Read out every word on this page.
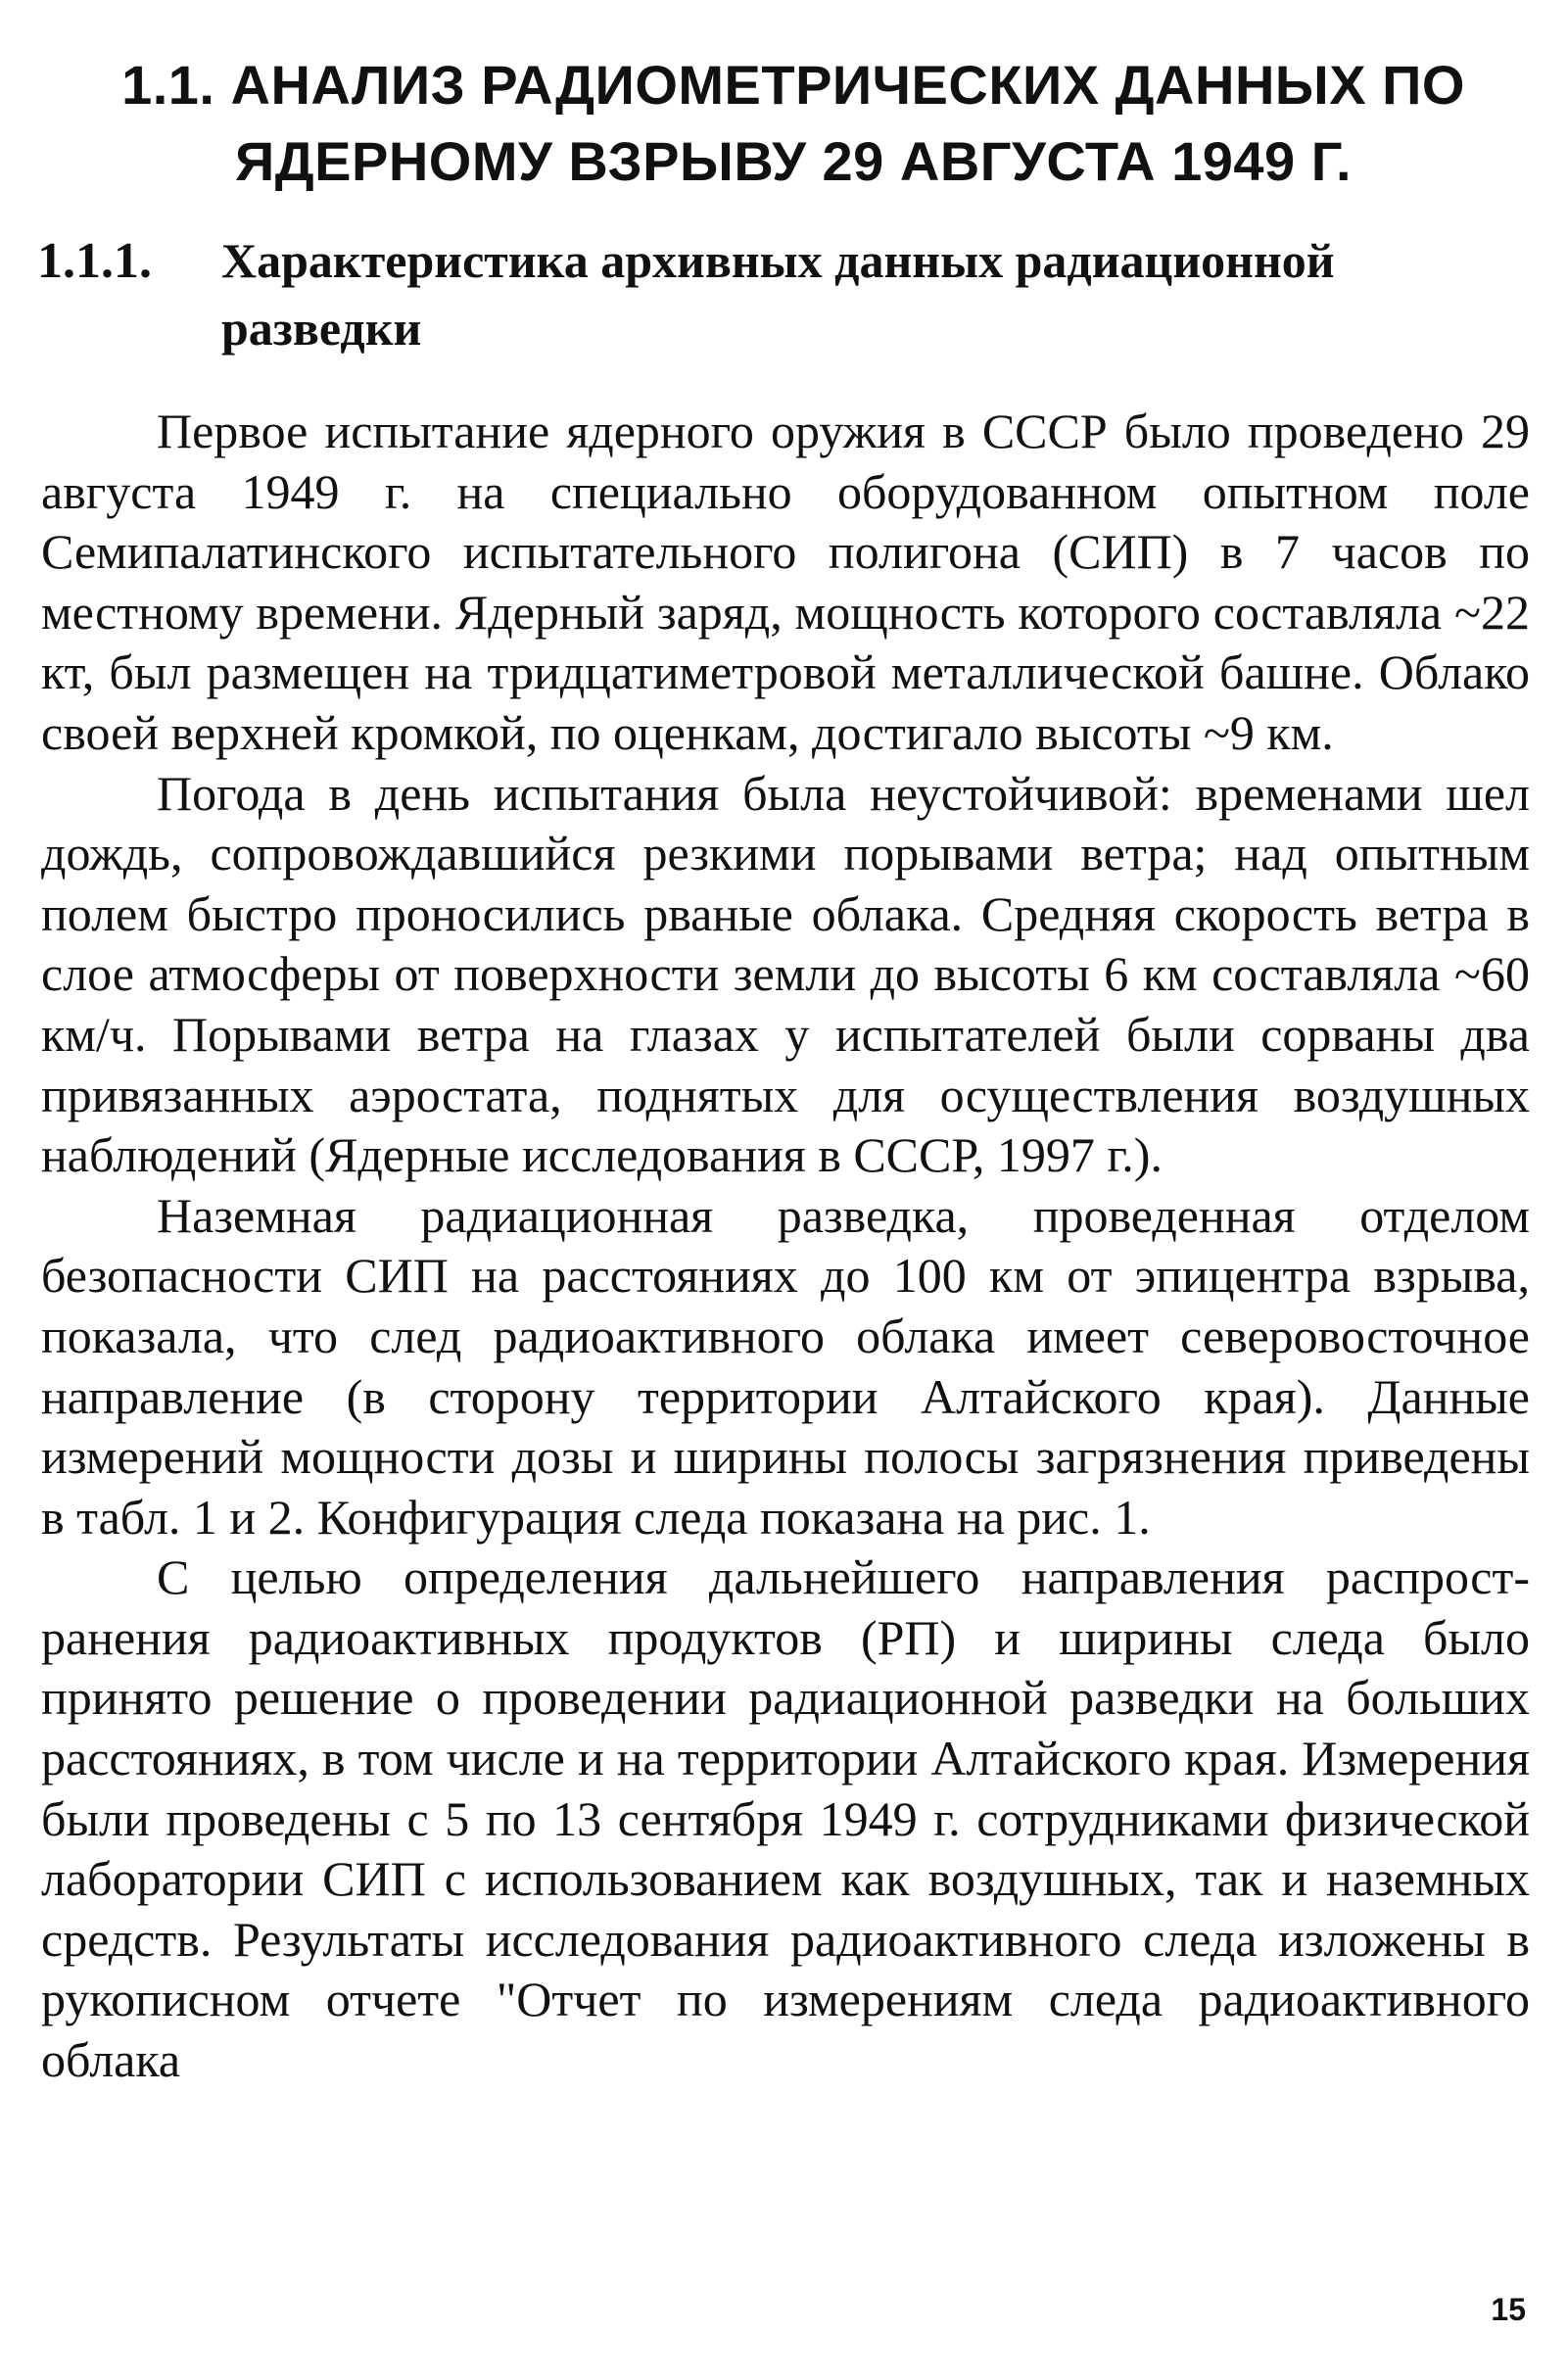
1.1. АНАЛИЗ РАДИОМЕТРИЧЕСКИХ ДАННЫХ ПО ЯДЕРНОМУ ВЗРЫВУ 29 АВГУСТА 1949 Г.
1.1.1. Характеристика архивных данных радиационной
разведки

Первое испытание ядерного оружия в СССР было проведено 29 августа 1949 г. на специально оборудованном опытном поле Семипалатинского испытательного полигона (СИП) в 7 часов по местному времени. Ядерный заряд, мощность которого составляла ~22 кт, был размещен на тридцатиметровой металлической башне. Облако своей верхней кромкой, по оценкам, достигало высоты ~9 км.

Погода в день испытания была неустойчивой: временами шел дождь, сопровождавшийся резкими порывами ветра; над опытным полем быстро проносились рваные облака. Средняя скорость ветра в слое атмосферы от поверхности земли до высоты 6 км составляла ~60 км/ч. Порывами ветра на глазах у испытателей были сорваны два привязанных аэростата, поднятых для осуществления воздушных наблюдений (Ядерные исследования в СССР, 1997 г.).

Наземная радиационная разведка, проведенная отделом безопасности СИП на расстояниях до 100 км от эпицентра взрыва, показала, что след радиоактивного облака имеет северовосточное направление (в сторону территории Алтайского края). Данные измерений мощности дозы и ширины полосы загрязнения приведены в табл. 1 и 2. Конфигурация следа показана на рис. 1.

С целью определения дальнейшего направления распространения радиоактивных продуктов (РП) и ширины следа было принято решение о проведении радиационной разведки на больших расстояниях, в том числе и на территории Алтайского края. Измерения были проведены с 5 по 13 сентября 1949 г. сотрудниками физической лаборатории СИП с использованием как воздушных, так и наземных средств. Результаты исследования радиоактивного следа изложены в рукописном отчете "Отчет по измерениям следа радиоактивного облака

15
